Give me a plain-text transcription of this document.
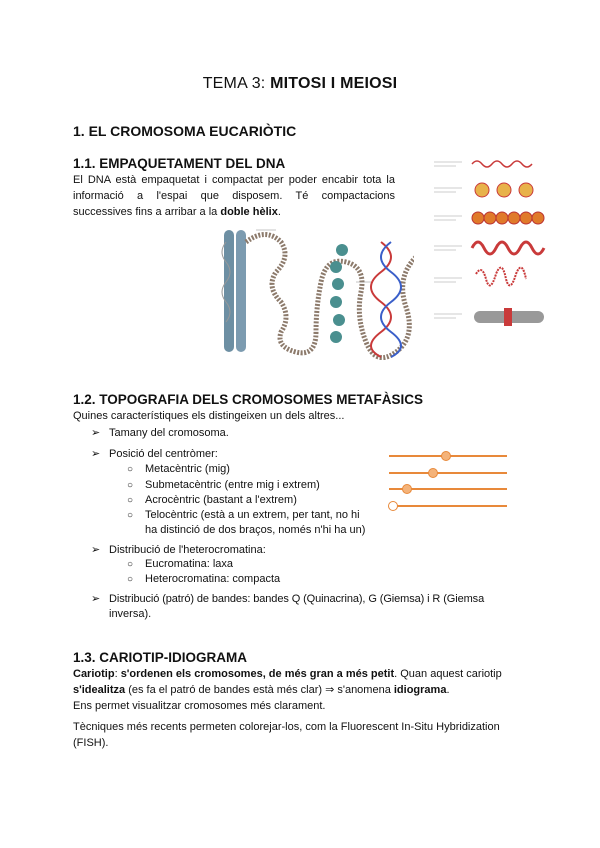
TEMA 3: MITOSI I MEIOSI
1. EL CROMOSOMA EUCARIÒTIC
1.1. EMPAQUETAMENT DEL DNA
El DNA està empaquetat i compactat per poder encabir tota la informació a l'espai que disposem. Té compactacions successives fins a arribar a la doble hèlix.
1.2. TOPOGRAFIA DELS CROMOSOMES METAFÀSICS
Quines característiques els distingeixen un dels altres...
➢ Tamany del cromosoma.
➢ Posició del centròmer:
○ Metacèntric (mig)
○ Submetacèntric (entre mig i extrem)
○ Acrocèntric (bastant a l'extrem)
○ Telocèntric (està a un extrem, per tant, no hi
ha distinció de dos braços, només n'hi ha un)
➢ Distribució de l'heterocromatina:
○ Eucromatina: laxa
○ Heterocromatina: compacta
➢ Distribució (patró) de bandes: bandes Q (Quinacrina), G (Giemsa) i R (Giemsa
inversa).
1.3. CARIOTIP-IDIOGRAMA
Cariotip: s'ordenen els cromosomes, de més gran a més petit. Quan aquest cariotip
s'idealitza (es fa el patró de bandes està més clar) ⇒ s'anomena idiograma.
Ens permet visualitzar cromosomes més clarament.
Tècniques més recents permeten colorejar-los, com la Fluorescent In-Situ Hybridization
(FISH).
